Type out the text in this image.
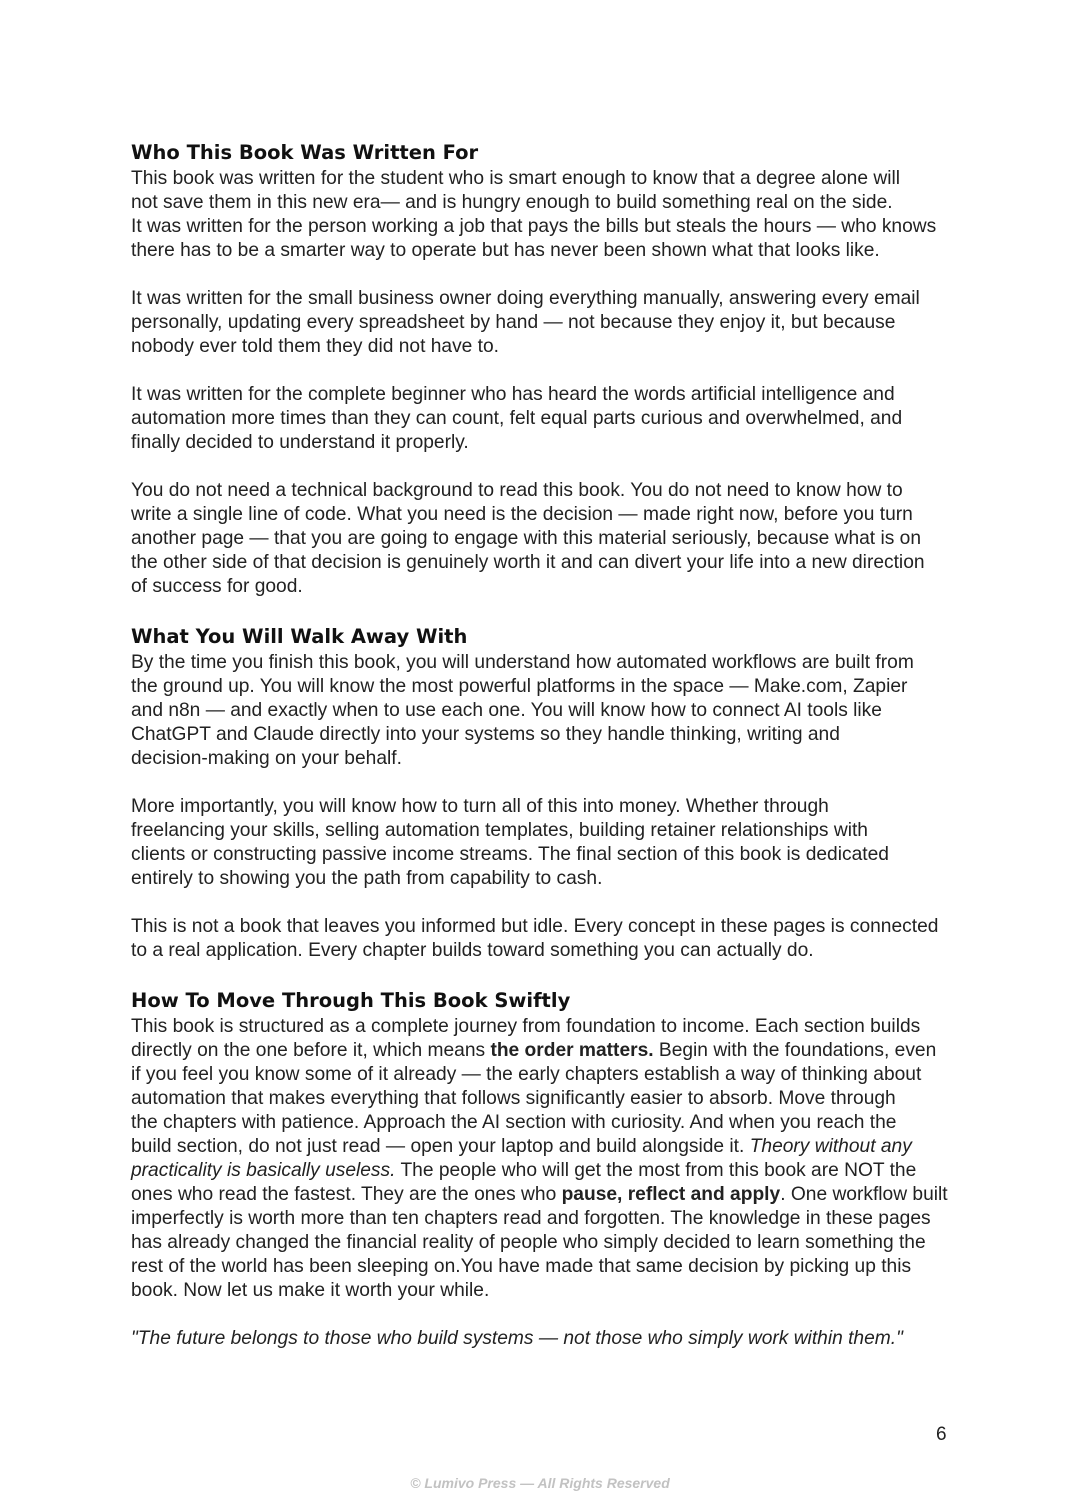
Who This Book Was Written For

This book was written for the student who is smart enough to know that a degree alone will
not save them in this new era— and is hungry enough to build something real on the side.
It was written for the person working a job that pays the bills but steals the hours — who knows
there has to be a smarter way to operate but has never been shown what that looks like.

It was written for the small business owner doing everything manually, answering every email
personally, updating every spreadsheet by hand — not because they enjoy it, but because
nobody ever told them they did not have to.

It was written for the complete beginner who has heard the words artificial intelligence and
automation more times than they can count, felt equal parts curious and overwhelmed, and
finally decided to understand it properly.

You do not need a technical background to read this book. You do not need to know how to
write a single line of code. What you need is the decision — made right now, before you turn
another page — that you are going to engage with this material seriously, because what is on
the other side of that decision is genuinely worth it and can divert your life into a new direction
of success for good.

What You Will Walk Away With

By the time you finish this book, you will understand how automated workflows are built from
the ground up. You will know the most powerful platforms in the space — Make.com, Zapier
and n8n — and exactly when to use each one. You will know how to connect AI tools like
ChatGPT and Claude directly into your systems so they handle thinking, writing and
decision-making on your behalf.

More importantly, you will know how to turn all of this into money. Whether through
freelancing your skills, selling automation templates, building retainer relationships with
clients or constructing passive income streams. The final section of this book is dedicated
entirely to showing you the path from capability to cash.

This is not a book that leaves you informed but idle. Every concept in these pages is connected
to a real application. Every chapter builds toward something you can actually do.

How To Move Through This Book Swiftly

This book is structured as a complete journey from foundation to income. Each section builds
directly on the one before it, which means the order matters. Begin with the foundations, even
if you feel you know some of it already — the early chapters establish a way of thinking about
automation that makes everything that follows significantly easier to absorb. Move through
the chapters with patience. Approach the AI section with curiosity. And when you reach the
build section, do not just read — open your laptop and build alongside it. Theory without any
practicality is basically useless. The people who will get the most from this book are NOT the
ones who read the fastest. They are the ones who pause, reflect and apply. One workflow built
imperfectly is worth more than ten chapters read and forgotten. The knowledge in these pages
has already changed the financial reality of people who simply decided to learn something the
rest of the world has been sleeping on.You have made that same decision by picking up this
book. Now let us make it worth your while.

"The future belongs to those who build systems — not those who simply work within them."

6
© Lumivo Press — All Rights Reserved
